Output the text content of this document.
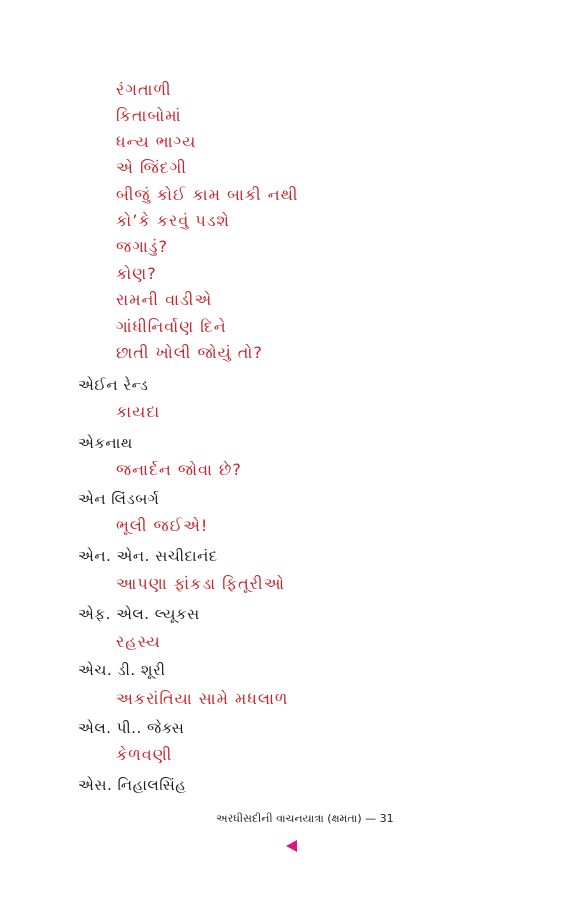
રંગતાળી
કિતાબોમાં
ધન્ય ભાગ્ય
એ જિંદગી
બીજું કોઈ કામ બાકી નથી
કો’કે કરવું પડશે
જગાડું?
કોણ?
રામની વાડીએ
ગાંધીનિર્વાણ દિને
છાતી ખોલી જોયું તો?
એઈન રેન્ડ
કાયદા
એકનાથ
જનાર્દન જોવા છે?
એન લિંડબર્ગ
ભૂલી જઈએ!
એન. એન. સચીદાનંદ
આપણા ફાંકડા ફિતૂરીઓ
એફ. એલ. લ્યૂકસ
રહસ્ય
એચ. ડી. શૂરી
અકરાંતિયા સામે મધલાળ
એલ. પી.. જેક્સ
કેળવણી
એસ. નિહાલસિંહ
અરધીસદીની વાચનયાત્રા (ક્ષમતા) — 31
